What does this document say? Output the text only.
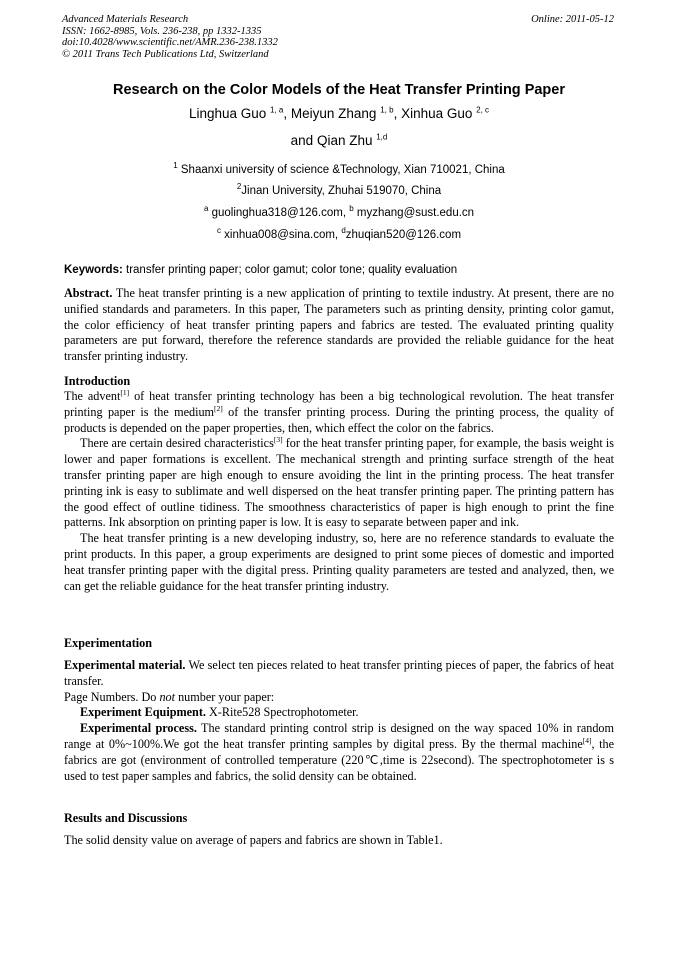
Advanced Materials Research
ISSN: 1662-8985, Vols. 236-238, pp 1332-1335
doi:10.4028/www.scientific.net/AMR.236-238.1332
© 2011 Trans Tech Publications Ltd, Switzerland
Online: 2011-05-12
Research on the Color Models of the Heat Transfer Printing Paper
Linghua Guo $^{1, a}$, Meiyun Zhang $^{1, b}$, Xinhua Guo $^{2, c}$
and Qian Zhu $^{1,d}$
$^1$ Shaanxi university of science &Technology, Xian 710021, China
$^2$Jinan University, Zhuhai 519070, China
$^a$ guolinghua318@126.com, $^b$ myzhang@sust.edu.cn
$^c$ xinhua008@sina.com, $^d$zhuqian520@126.com
Keywords: transfer printing paper; color gamut; color tone; quality evaluation

Abstract. The heat transfer printing is a new application of printing to textile industry. At present, there are no unified standards and parameters. In this paper, The parameters such as printing density, printing color gamut, the color efficiency of heat transfer printing papers and fabrics are tested. The evaluated printing quality parameters are put forward, therefore the reference standards are provided the reliable guidance for the heat transfer printing industry.

Introduction

The advent[1] of heat transfer printing technology has been a big technological revolution. The heat transfer printing paper is the medium[2] of the transfer printing process. During the printing process, the quality of products is depended on the paper properties, then, which effect the color on the fabrics.

There are certain desired characteristics[3] for the heat transfer printing paper, for example, the basis weight is lower and paper formations is excellent. The mechanical strength and printing surface strength of the heat transfer printing paper are high enough to ensure avoiding the lint in the printing process. The heat transfer printing ink is easy to sublimate and well dispersed on the heat transfer printing paper. The printing pattern has the good effect of outline tidiness. The smoothness characteristics of paper is high enough to print the fine patterns. Ink absorption on printing paper is low. It is easy to separate between paper and ink.

The heat transfer printing is a new developing industry, so, here are no reference standards to evaluate the print products. In this paper, a group experiments are designed to print some pieces of domestic and imported heat transfer printing paper with the digital press. Printing quality parameters are tested and analyzed, then, we can get the reliable guidance for the heat transfer printing industry.

Experimentation

Experimental material. We select ten pieces related to heat transfer printing pieces of paper, the fabrics of heat transfer.

Page Numbers. Do not number your paper:

Experiment Equipment. X-Rite528 Spectrophotometer.

Experimental process. The standard printing control strip is designed on the way spaced 10% in random range at 0%~100%.We got the heat transfer printing samples by digital press. By the thermal machine[4], the fabrics are got (environment of controlled temperature (220℃,time is 22second). The spectrophotometer is s used to test paper samples and fabrics, the solid density can be obtained.

Results and Discussions

The solid density value on average of papers and fabrics are shown in Table1.
